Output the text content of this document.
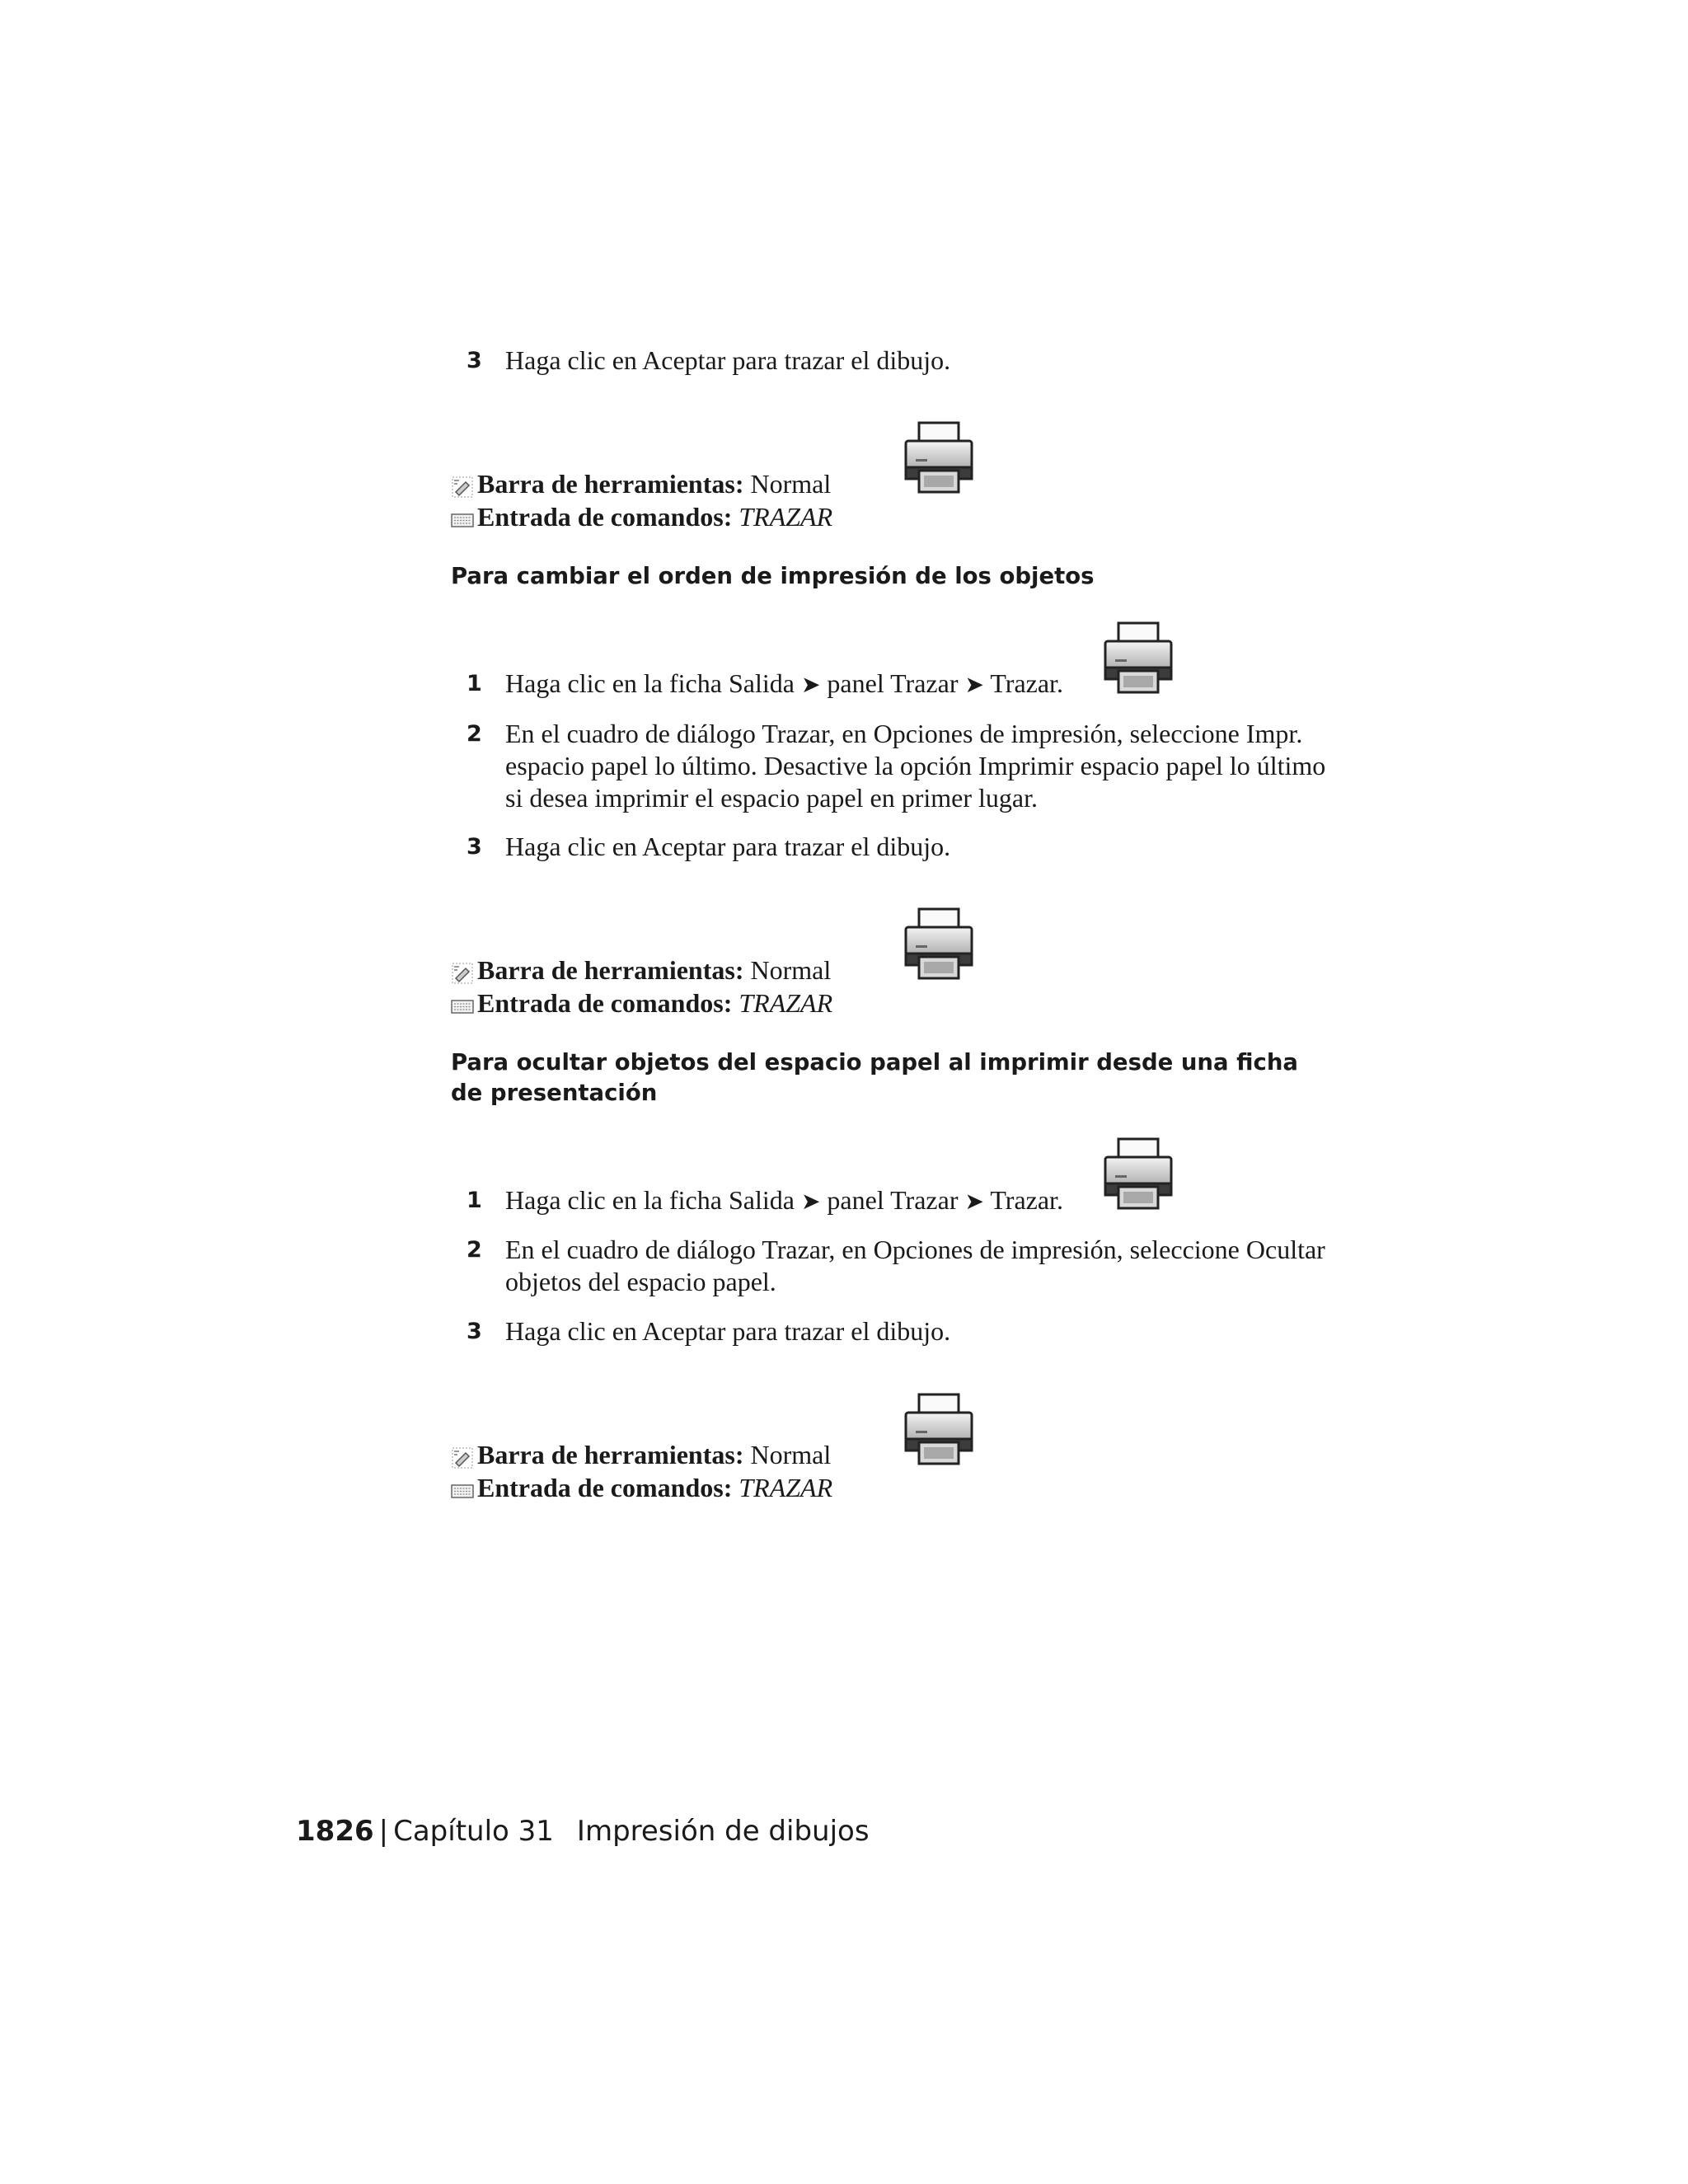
3 Haga clic en Aceptar para trazar el dibujo.
Barra de herramientas: Normal
Entrada de comandos: TRAZAR
Para cambiar el orden de impresión de los objetos
1 Haga clic en la ficha Salida ➤ panel Trazar ➤ Trazar.
2 En el cuadro de diálogo Trazar, en Opciones de impresión, seleccione Impr. espacio papel lo último. Desactive la opción Imprimir espacio papel lo último si desea imprimir el espacio papel en primer lugar.
3 Haga clic en Aceptar para trazar el dibujo.
Barra de herramientas: Normal
Entrada de comandos: TRAZAR
Para ocultar objetos del espacio papel al imprimir desde una ficha de presentación
1 Haga clic en la ficha Salida ➤ panel Trazar ➤ Trazar.
2 En el cuadro de diálogo Trazar, en Opciones de impresión, seleccione Ocultar objetos del espacio papel.
3 Haga clic en Aceptar para trazar el dibujo.
Barra de herramientas: Normal
Entrada de comandos: TRAZAR
1826 | Capítulo 31 Impresión de dibujos
